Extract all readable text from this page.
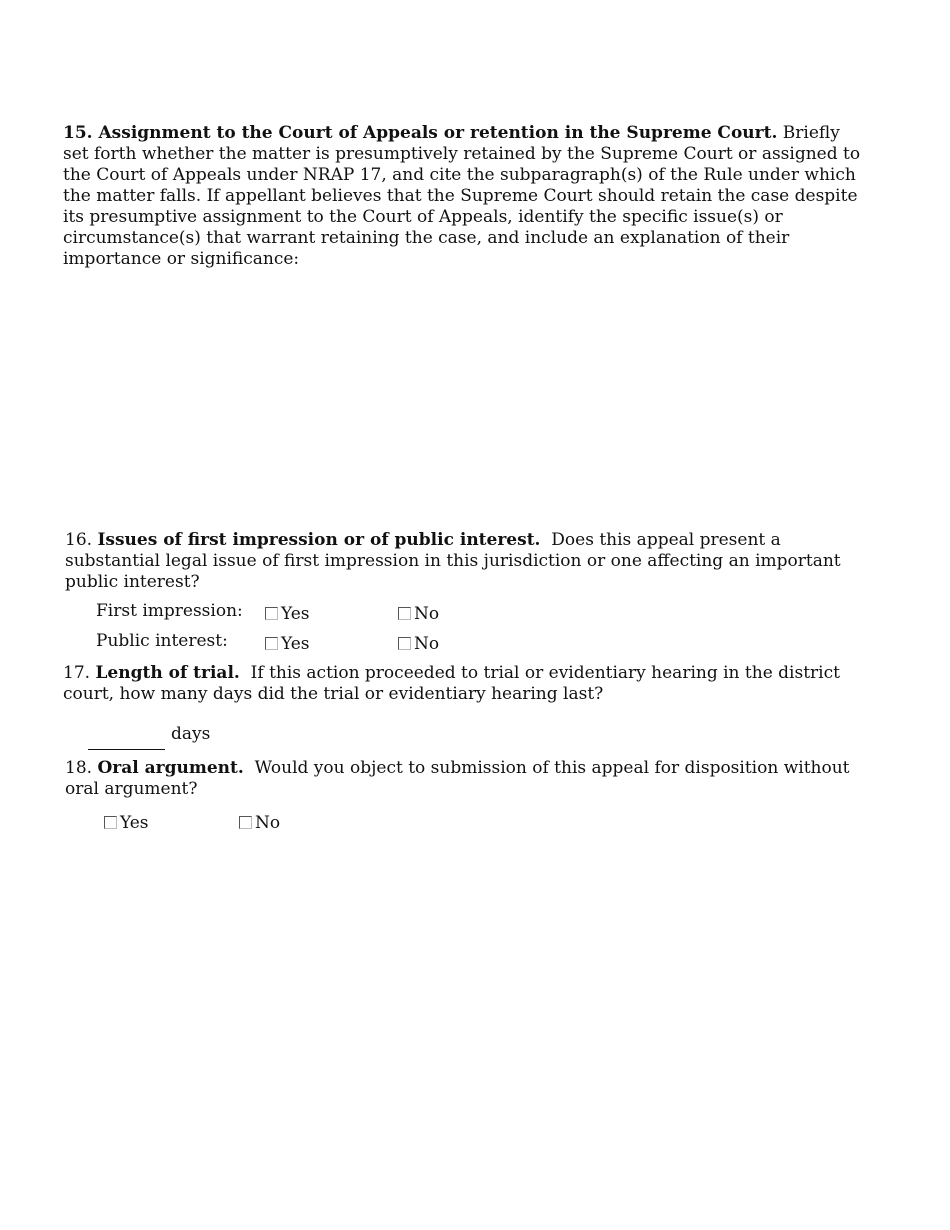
15. Assignment to the Court of Appeals or retention in the Supreme Court. Briefly set forth whether the matter is presumptively retained by the Supreme Court or assigned to the Court of Appeals under NRAP 17, and cite the subparagraph(s) of the Rule under which the matter falls. If appellant believes that the Supreme Court should retain the case despite its presumptive assignment to the Court of Appeals, identify the specific issue(s) or circumstance(s) that warrant retaining the case, and include an explanation of their importance or significance:
16. Issues of first impression or of public interest. Does this appeal present a substantial legal issue of first impression in this jurisdiction or one affecting an important public interest?
First impression:	Yes	No
Public interest:	Yes	No
17. Length of trial. If this action proceeded to trial or evidentiary hearing in the district court, how many days did the trial or evidentiary hearing last?
days
18. Oral argument. Would you object to submission of this appeal for disposition without oral argument?
Yes	No
